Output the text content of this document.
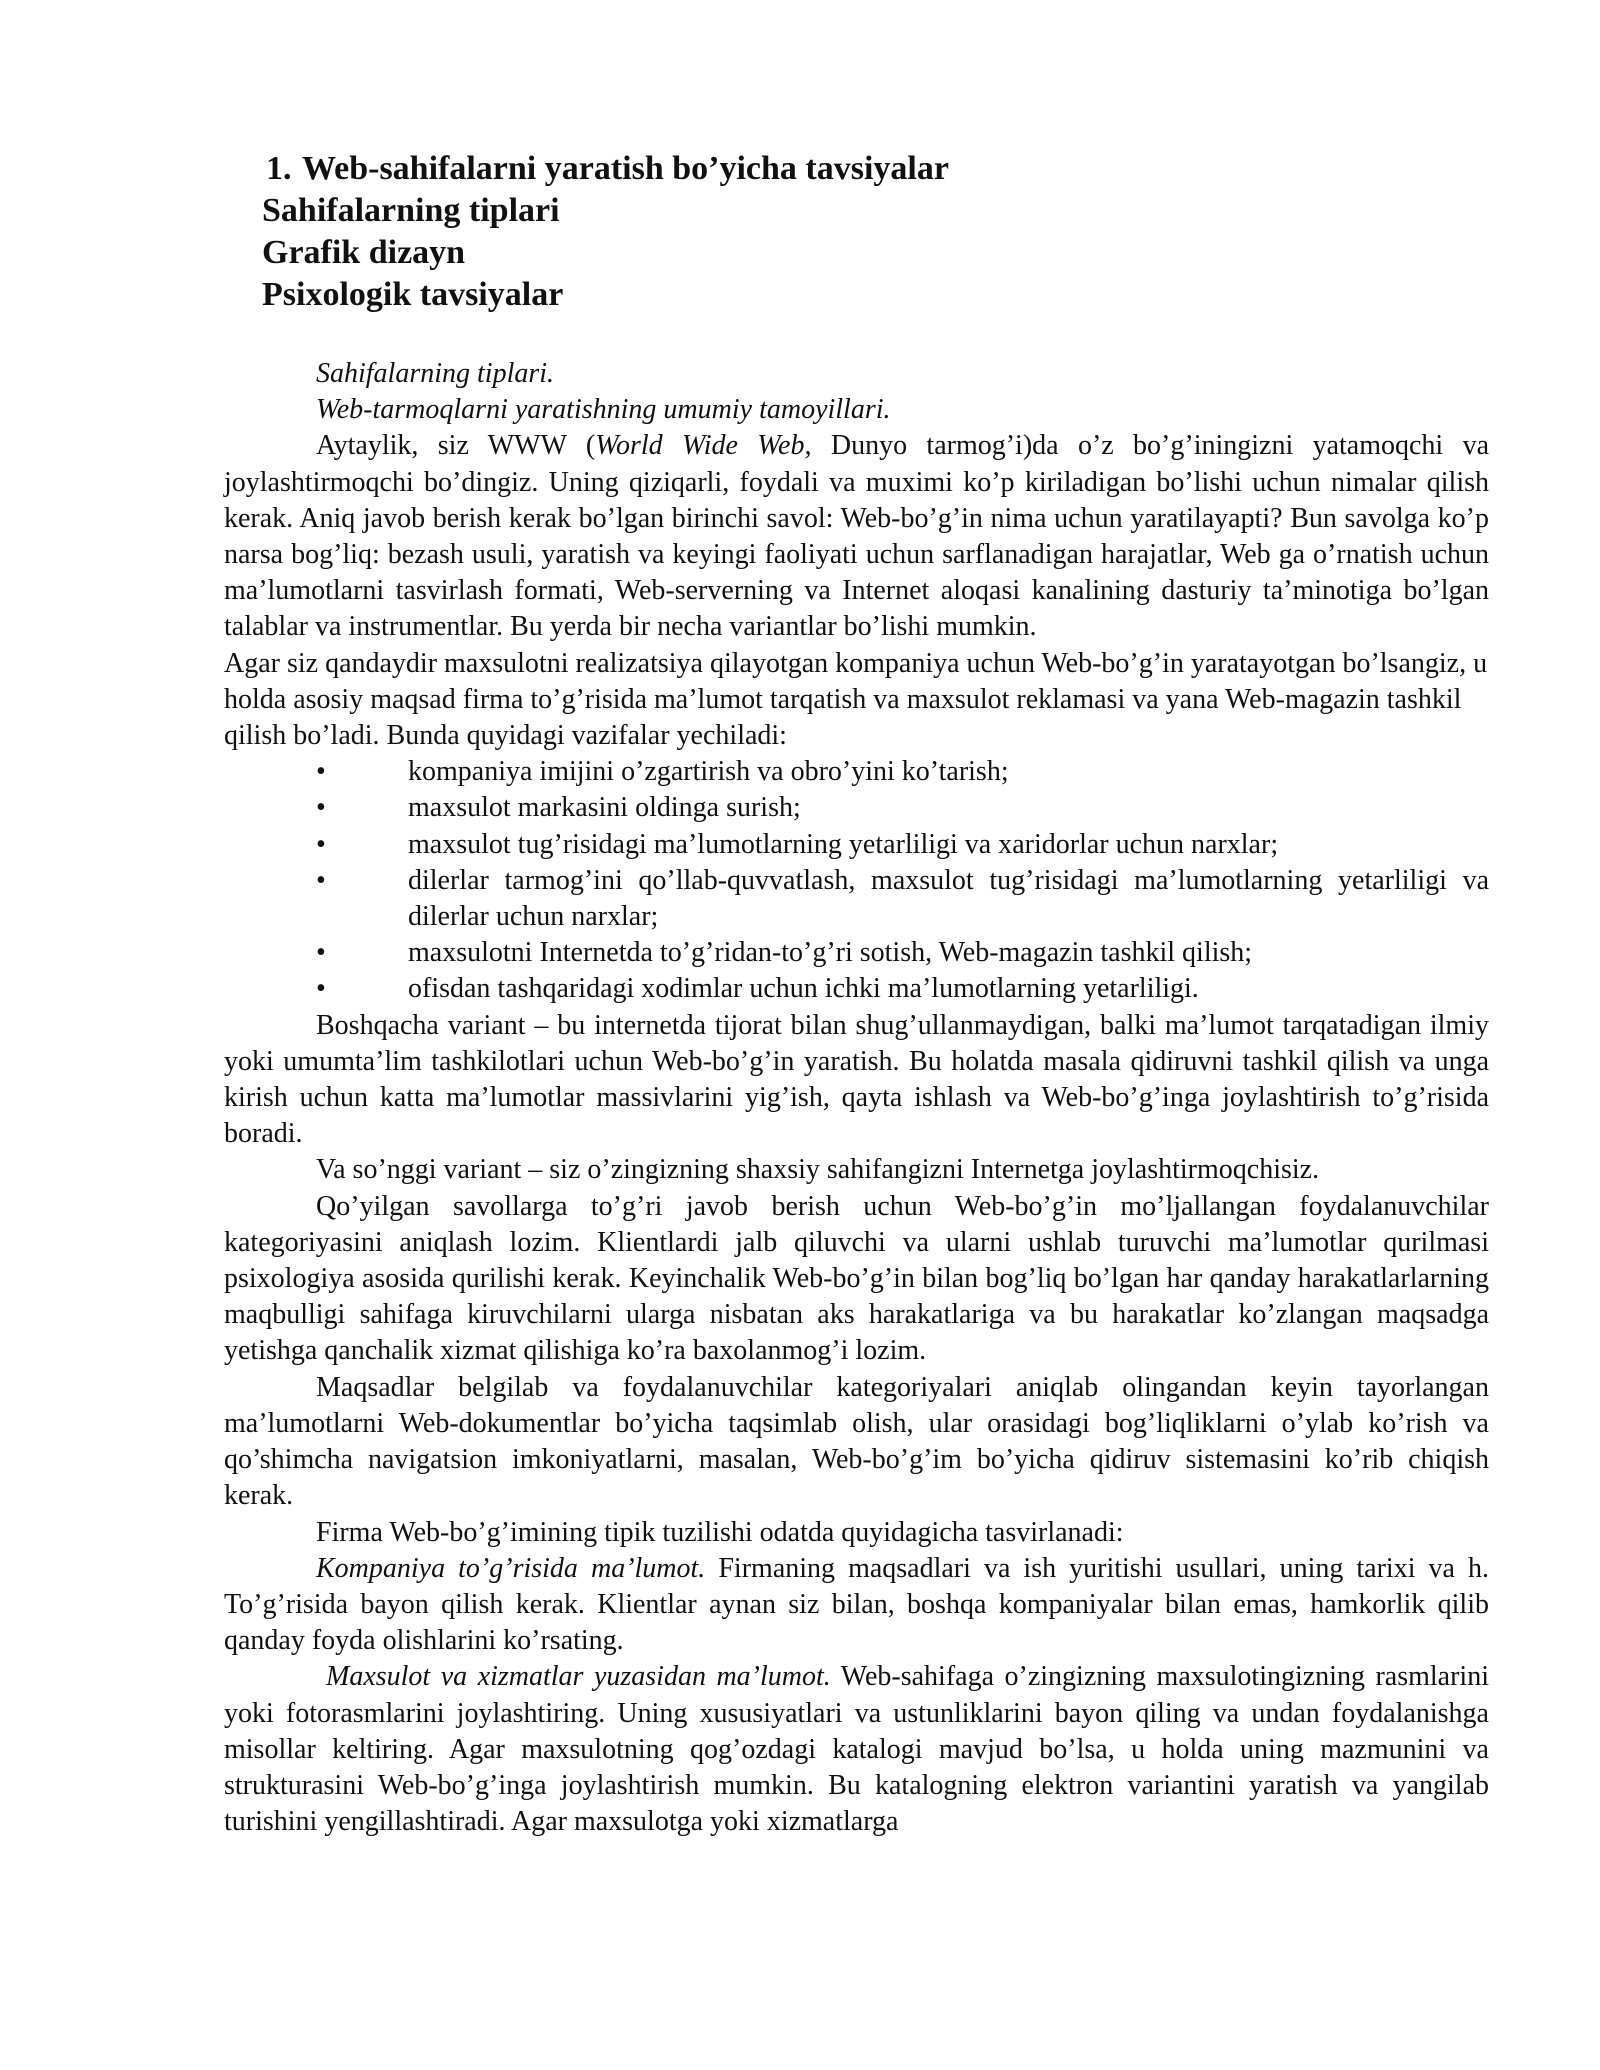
1. Web-sahifalarni yaratish bo’yicha tavsiyalar
Sahifalarning tiplari
Grafik dizayn
Psixologik tavsiyalar

Sahifalarning tiplari.

Web-tarmoqlarni yaratishning umumiy tamoyillari.

Aytaylik, siz WWW (World Wide Web, Dunyo tarmog’i)da o’z bo’g’iningizni yatamoqchi va joylashtirmoqchi bo’dingiz. Uning qiziqarli, foydali va muximi ko’p kiriladigan bo’lishi uchun nimalar qilish kerak. Aniq javob berish kerak bo’lgan birinchi savol: Web-bo’g’in nima uchun yaratilayapti? Bun savolga ko’p narsa bog’liq: bezash usuli, yaratish va keyingi faoliyati uchun sarflanadigan harajatlar, Web ga o’rnatish uchun ma’lumotlarni tasvirlash formati, Web-serverning va Internet aloqasi kanalining dasturiy ta’minotiga bo’lgan talablar va instrumentlar. Bu yerda bir necha variantlar bo’lishi mumkin.

Agar siz qandaydir maxsulotni realizatsiya qilayotgan kompaniya uchun Web-bo’g’in yaratayotgan bo’lsangiz, u holda asosiy maqsad firma to’g’risida ma’lumot tarqatish va maxsulot reklamasi va yana Web-magazin tashkil qilish bo’ladi. Bunda quyidagi vazifalar yechiladi:

•	kompaniya imijini o’zgartirish va obro’yini ko’tarish;
•	maxsulot markasini oldinga surish;
•	maxsulot tug’risidagi ma’lumotlarning yetarliligi va xaridorlar uchun narxlar;
•	dilerlar tarmog’ini qo’llab-quvvatlash, maxsulot tug’risidagi ma’lumotlarning yetarliligi va dilerlar uchun narxlar;
•	maxsulotni Internetda to’g’ridan-to’g’ri sotish, Web-magazin tashkil qilish;
•	ofisdan tashqaridagi xodimlar uchun ichki ma’lumotlarning yetarliligi.

Boshqacha variant – bu internetda tijorat bilan shug’ullanmaydigan, balki ma’lumot tarqatadigan ilmiy yoki umumta’lim tashkilotlari uchun Web-bo’g’in yaratish. Bu holatda masala qidiruvni tashkil qilish va unga kirish uchun katta ma’lumotlar massivlarini yig’ish, qayta ishlash va Web-bo’g’inga joylashtirish to’g’risida boradi.

Va so’nggi variant – siz o’zingizning shaxsiy sahifangizni Internetga joylashtirmoqchisiz.

Qo’yilgan savollarga to’g’ri javob berish uchun Web-bo’g’in mo’ljallangan foydalanuvchilar kategoriyasini aniqlash lozim. Klientlardi jalb qiluvchi va ularni ushlab turuvchi ma’lumotlar qurilmasi psixologiya asosida qurilishi kerak. Keyinchalik Web-bo’g’in bilan bog’liq bo’lgan har qanday harakatlarlarning maqbulligi sahifaga kiruvchilarni ularga nisbatan aks harakatlariga va bu harakatlar ko’zlangan maqsadga yetishga qanchalik xizmat qilishiga ko’ra baxolanmog’i lozim.

Maqsadlar belgilab va foydalanuvchilar kategoriyalari aniqlab olingandan keyin tayorlangan ma’lumotlarni Web-dokumentlar bo’yicha taqsimlab olish, ular orasidagi bog’liqliklarni o’ylab ko’rish va qo’shimcha navigatsion imkoniyatlarni, masalan, Web-bo’g’im bo’yicha qidiruv sistemasini ko’rib chiqish kerak.

Firma Web-bo’g’imining tipik tuzilishi odatda quyidagicha tasvirlanadi:

Kompaniya to’g’risida ma’lumot. Firmaning maqsadlari va ish yuritishi usullari, uning tarixi va h. To’g’risida bayon qilish kerak. Klientlar aynan siz bilan, boshqa kompaniyalar bilan emas, hamkorlik qilib qanday foyda olishlarini ko’rsating.

Maxsulot va xizmatlar yuzasidan ma’lumot. Web-sahifaga o’zingizning maxsulotingizning rasmlarini yoki fotorasmlarini joylashtiring. Uning xususiyatlari va ustunliklarini bayon qiling va undan foydalanishga misollar keltiring. Agar maxsulotning qog’ozdagi katalogi mavjud bo’lsa, u holda uning mazmunini va strukturasini Web-bo’g’inga joylashtirish mumkin. Bu katalogning elektron variantini yaratish va yangilab turishini yengillashtiradi. Agar maxsulotga yoki xizmatlarga
